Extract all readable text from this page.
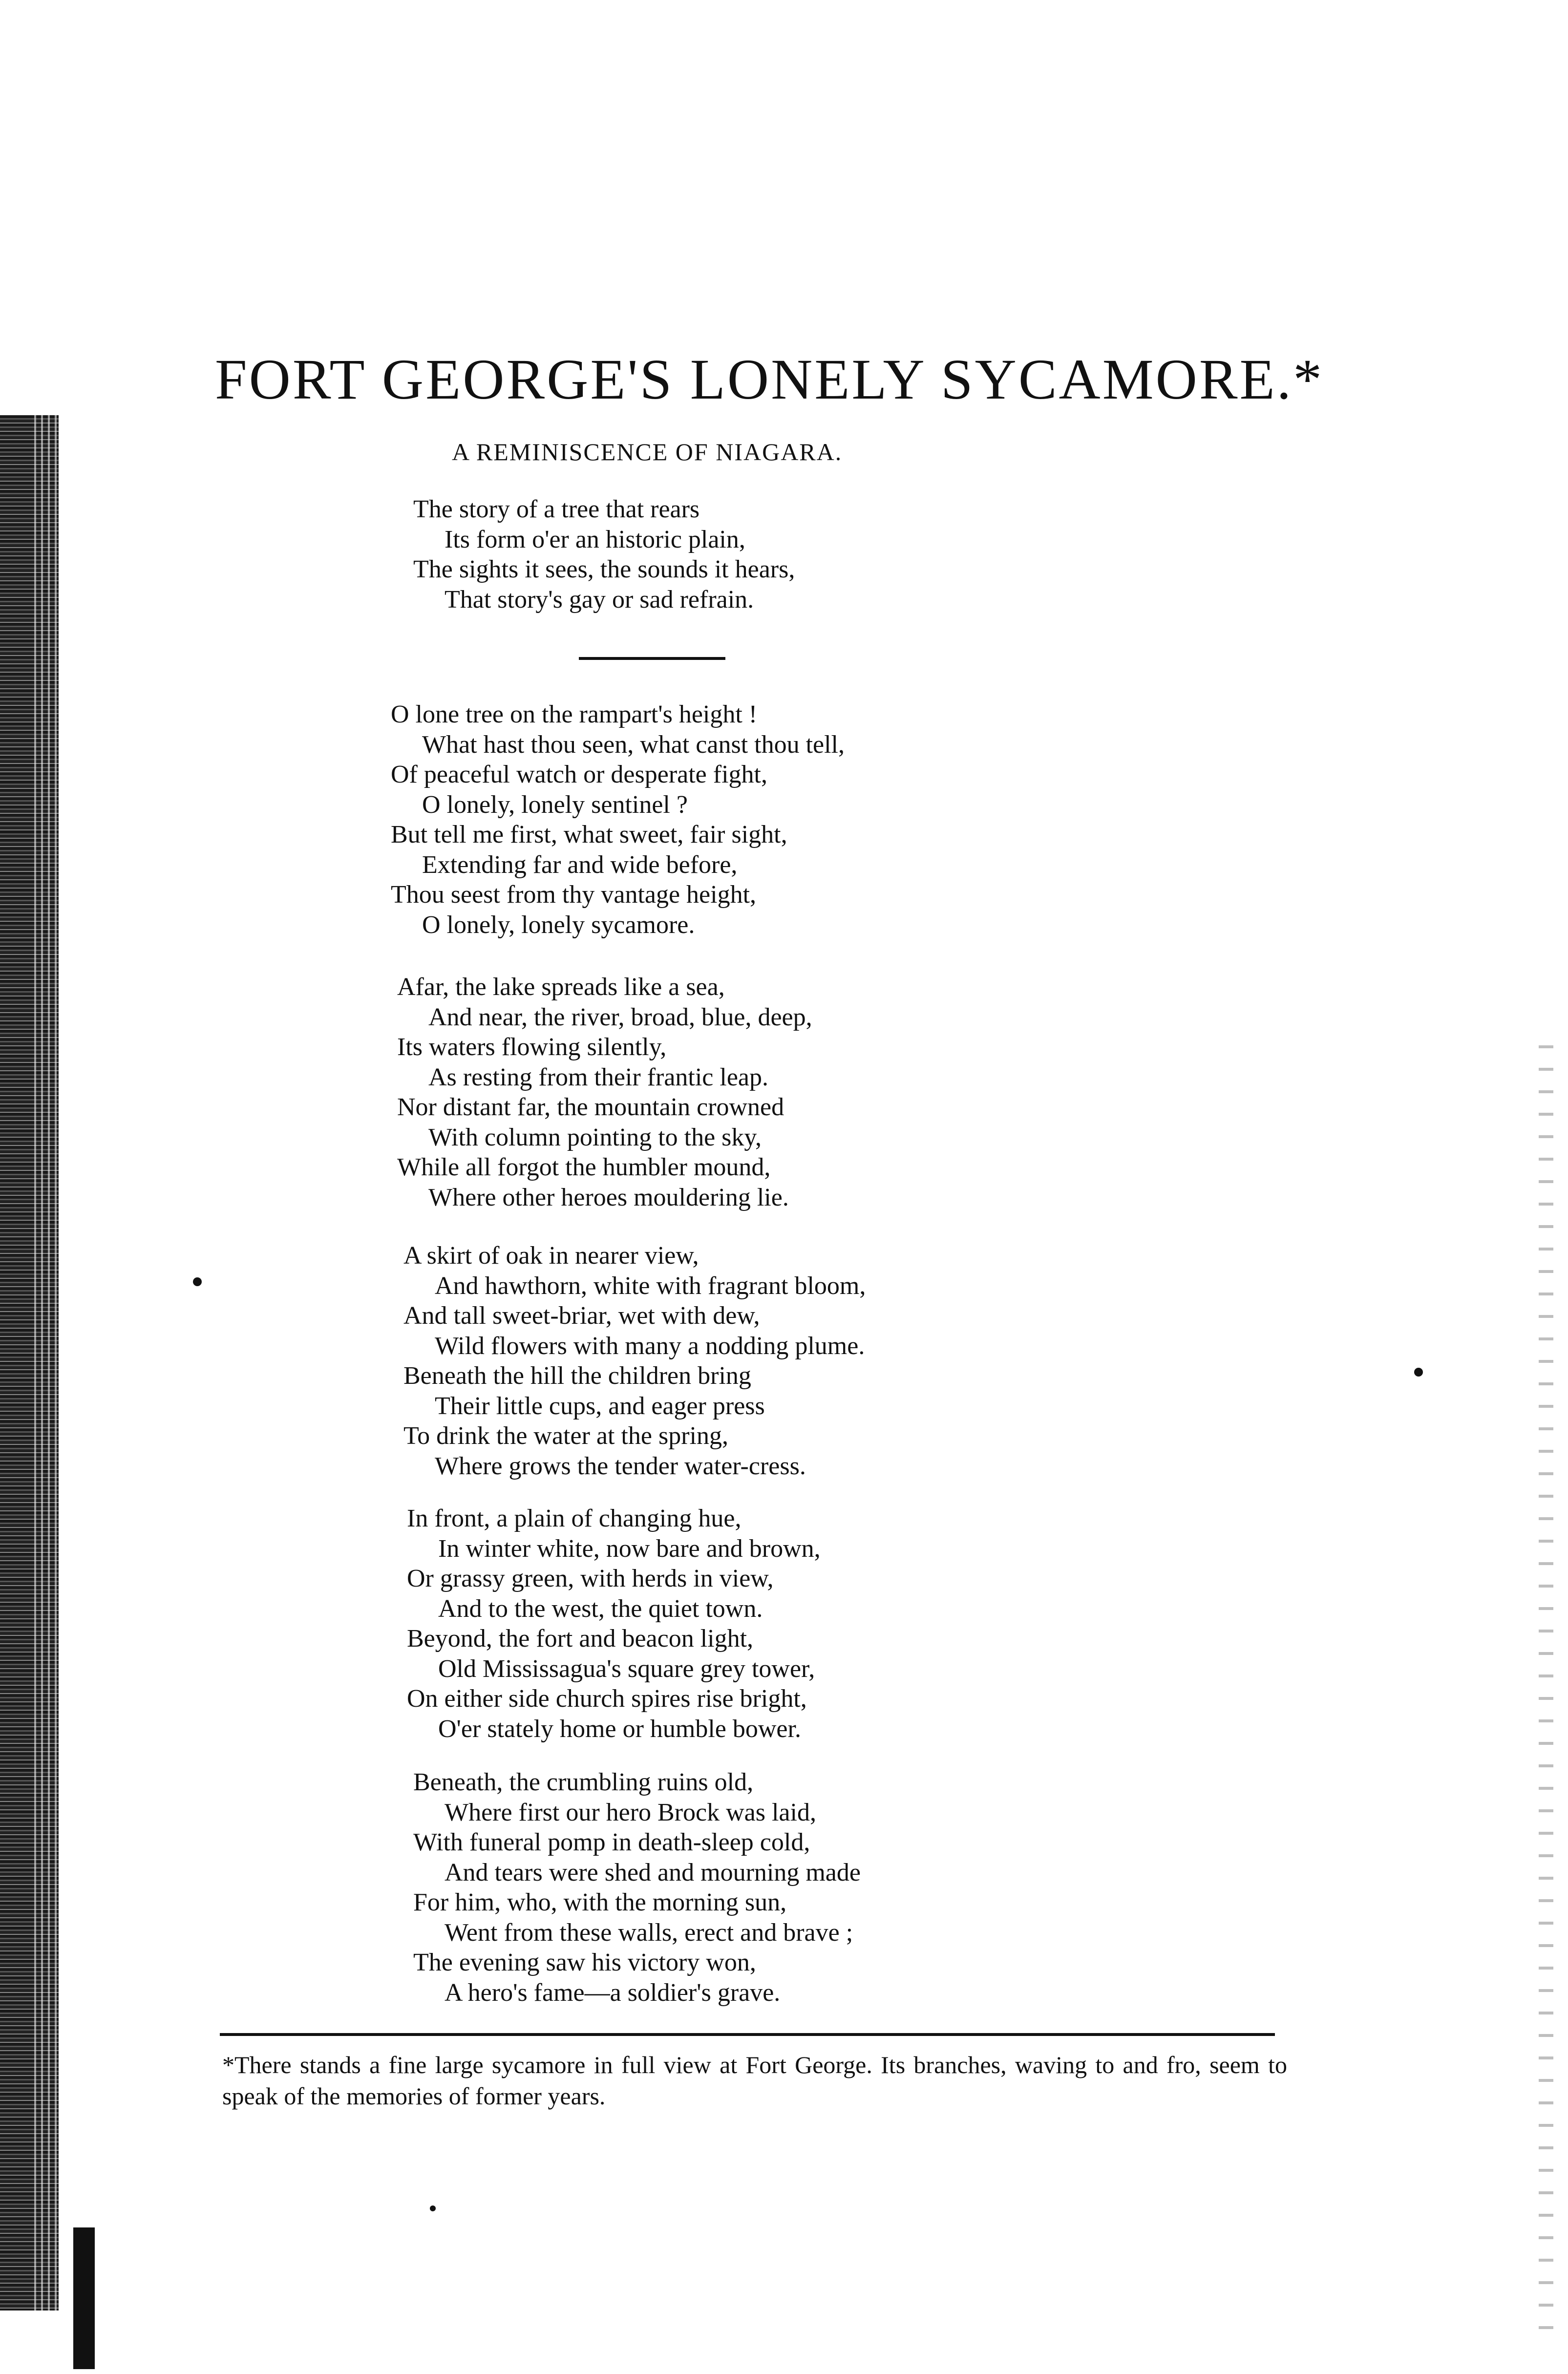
FORT GEORGE'S LONELY SYCAMORE.*
A REMINISCENCE OF NIAGARA.
The story of a tree that rears
Its form o'er an historic plain,
The sights it sees, the sounds it hears,
That story's gay or sad refrain.
O lone tree on the rampart's height !
What hast thou seen, what canst thou tell,
Of peaceful watch or desperate fight,
O lonely, lonely sentinel ?
But tell me first, what sweet, fair sight,
Extending far and wide before,
Thou seest from thy vantage height,
O lonely, lonely sycamore.
Afar, the lake spreads like a sea,
And near, the river, broad, blue, deep,
Its waters flowing silently,
As resting from their frantic leap.
Nor distant far, the mountain crowned
With column pointing to the sky,
While all forgot the humbler mound,
Where other heroes mouldering lie.
A skirt of oak in nearer view,
And hawthorn, white with fragrant bloom,
And tall sweet-briar, wet with dew,
Wild flowers with many a nodding plume.
Beneath the hill the children bring
Their little cups, and eager press
To drink the water at the spring,
Where grows the tender water-cress.
In front, a plain of changing hue,
In winter white, now bare and brown,
Or grassy green, with herds in view,
And to the west, the quiet town.
Beyond, the fort and beacon light,
Old Mississagua's square grey tower,
On either side church spires rise bright,
O'er stately home or humble bower.
Beneath, the crumbling ruins old,
Where first our hero Brock was laid,
With funeral pomp in death-sleep cold,
And tears were shed and mourning made
For him, who, with the morning sun,
Went from these walls, erect and brave ;
The evening saw his victory won,
A hero's fame—a soldier's grave.

*There stands a fine large sycamore in full view at Fort George. Its branches, waving to and fro, seem to speak of the memories of former years.
